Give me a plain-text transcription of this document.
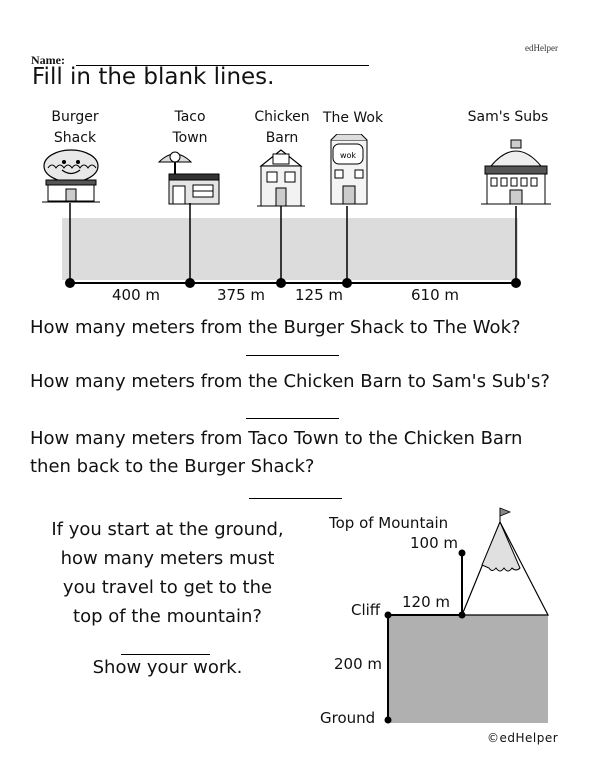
edHelper
Name:
Fill in the blank lines.
Burger
Shack
Taco
Town
Chicken
Barn
The Wok	Sam's Subs
wok
400 m	375 m 125 m	610 m
How many meters from the Burger Shack to The Wok?
How many meters from the Chicken Barn to Sam's Sub's?
How many meters from Taco Town to the Chicken Barn then back to the Burger Shack?
If you start at the ground,
how many meters must
you travel to get to the
top of the mountain?
Show your work.
Top of Mountain
100 m
Cliff 120 m
200 m
Ground
©edHelper
